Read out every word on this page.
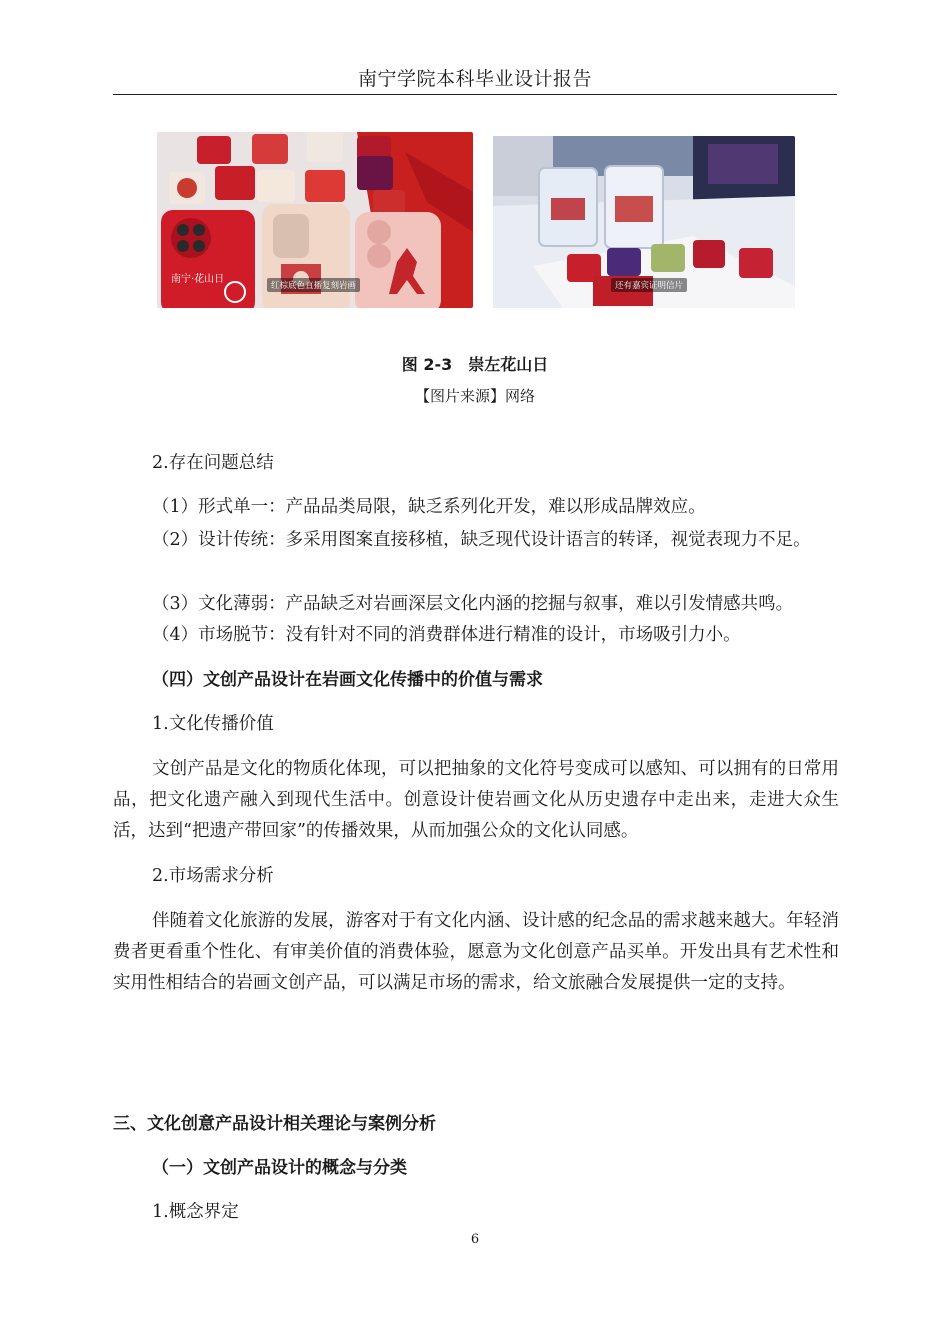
南宁学院本科毕业设计报告
南宁·花山日
红棕底色直播复刻岩画	还有嘉宾证明信片
图 2-3　崇左花山日
【图片来源】网络
2.存在问题总结
（1）形式单一：产品品类局限，缺乏系列化开发，难以形成品牌效应。
（2）设计传统：多采用图案直接移植，缺乏现代设计语言的转译，视觉表现力不足。
（3）文化薄弱：产品缺乏对岩画深层文化内涵的挖掘与叙事，难以引发情感共鸣。
（4）市场脱节：没有针对不同的消费群体进行精准的设计，市场吸引力小。
（四）文创产品设计在岩画文化传播中的价值与需求
1.文化传播价值
文创产品是文化的物质化体现，可以把抽象的文化符号变成可以感知、可以拥有的日常用品，把文化遗产融入到现代生活中。创意设计使岩画文化从历史遗存中走出来，走进大众生活，达到“把遗产带回家”的传播效果，从而加强公众的文化认同感。
2.市场需求分析
伴随着文化旅游的发展，游客对于有文化内涵、设计感的纪念品的需求越来越大。年轻消费者更看重个性化、有审美价值的消费体验，愿意为文化创意产品买单。开发出具有艺术性和实用性相结合的岩画文创产品，可以满足市场的需求，给文旅融合发展提供一定的支持。
三、文化创意产品设计相关理论与案例分析
（一）文创产品设计的概念与分类
1.概念界定
6
